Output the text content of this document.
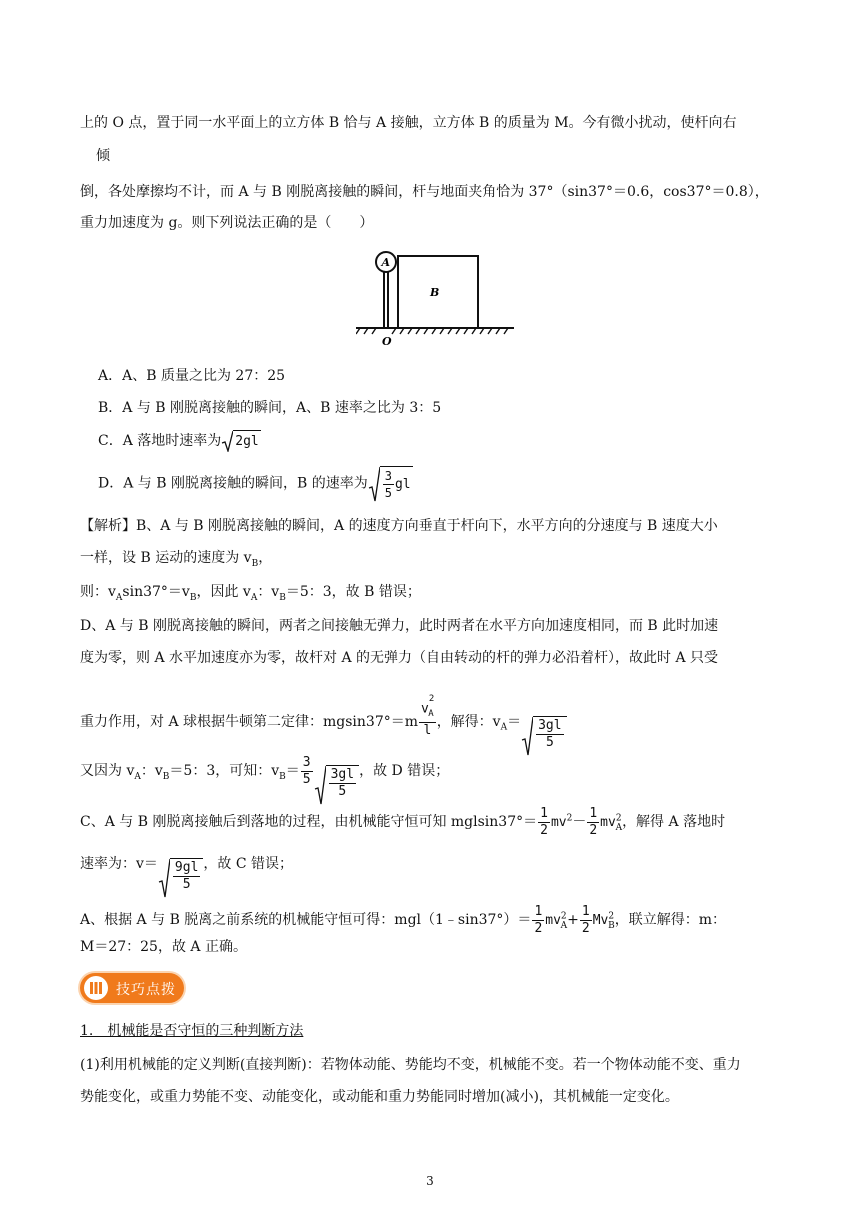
上的 O 点，置于同一水平面上的立方体 B 恰与 A 接触，立方体 B 的质量为 M。今有微小扰动，使杆向右
倾
倒，各处摩擦均不计，而 A 与 B 刚脱离接触的瞬间，杆与地面夹角恰为 37°（sin37°＝0.6，cos37°＝0.8），
重力加速度为 g。则下列说法正确的是（　　）
A
B
O
A．A、B 质量之比为 27：25
B．A 与 B 刚脱离接触的瞬间，A、B 速率之比为 3：5
C．A 落地时速率为 2gl
D．A 与 B 刚脱离接触的瞬间，B 的速率为 $\frac{3}{5}$ gl
【解析】B、A 与 B 刚脱离接触的瞬间，A 的速度方向垂直于杆向下，水平方向的分速度与 B 速度大小
一样，设 B 运动的速度为 $v_B$，
则：$v_A\sin 37^\circ=v_B$，因此 $v_A$：$v_B=5$：3，故 B 错误；
D、A 与 B 刚脱离接触的瞬间，两者之间接触无弹力，此时两者在水平方向加速度相同，而 B 此时加速
度为零，则 A 水平加速度亦为零，故杆对 A 的无弹力（自由转动的杆的弹力必沿着杆），故此时 A 只受
重力作用，对 A 球根据牛顿第二定律：$mgsin37^\circ=m \frac{v^2_A}{l}$ ，解得：$v_A= \frac{3gl}{5}$
又因为 $v_A$：$v_B=5$：3，可知：$v_B= \frac{3}{5} \frac{3gl}{5}$ ，故 D 错误；
C、A 与 B 刚脱离接触后到落地的过程，由机械能守恒可知 $mglsin37^\circ= \frac{1}{2} mv^2- \frac{1}{2} mv^2_A$，解得 A 落地时
速率为：$v= \frac{9gl}{5}$ ，故 C 错误；
A、根据 A 与 B 脱离之前系统的机械能守恒可得：mgl（1﹣sin37°）＝ $\frac{1}{2} mv^2_A+ \frac{1}{2} Mv^2_B$，联立解得：m：
M＝27：25，故 A 正确。
技巧点拨
1.　机械能是否守恒的三种判断方法
(1)利用机械能的定义判断(直接判断)：若物体动能、势能均不变，机械能不变。若一个物体动能不变、重力
势能变化，或重力势能不变、动能变化，或动能和重力势能同时增加(减小)，其机械能一定变化。
3
